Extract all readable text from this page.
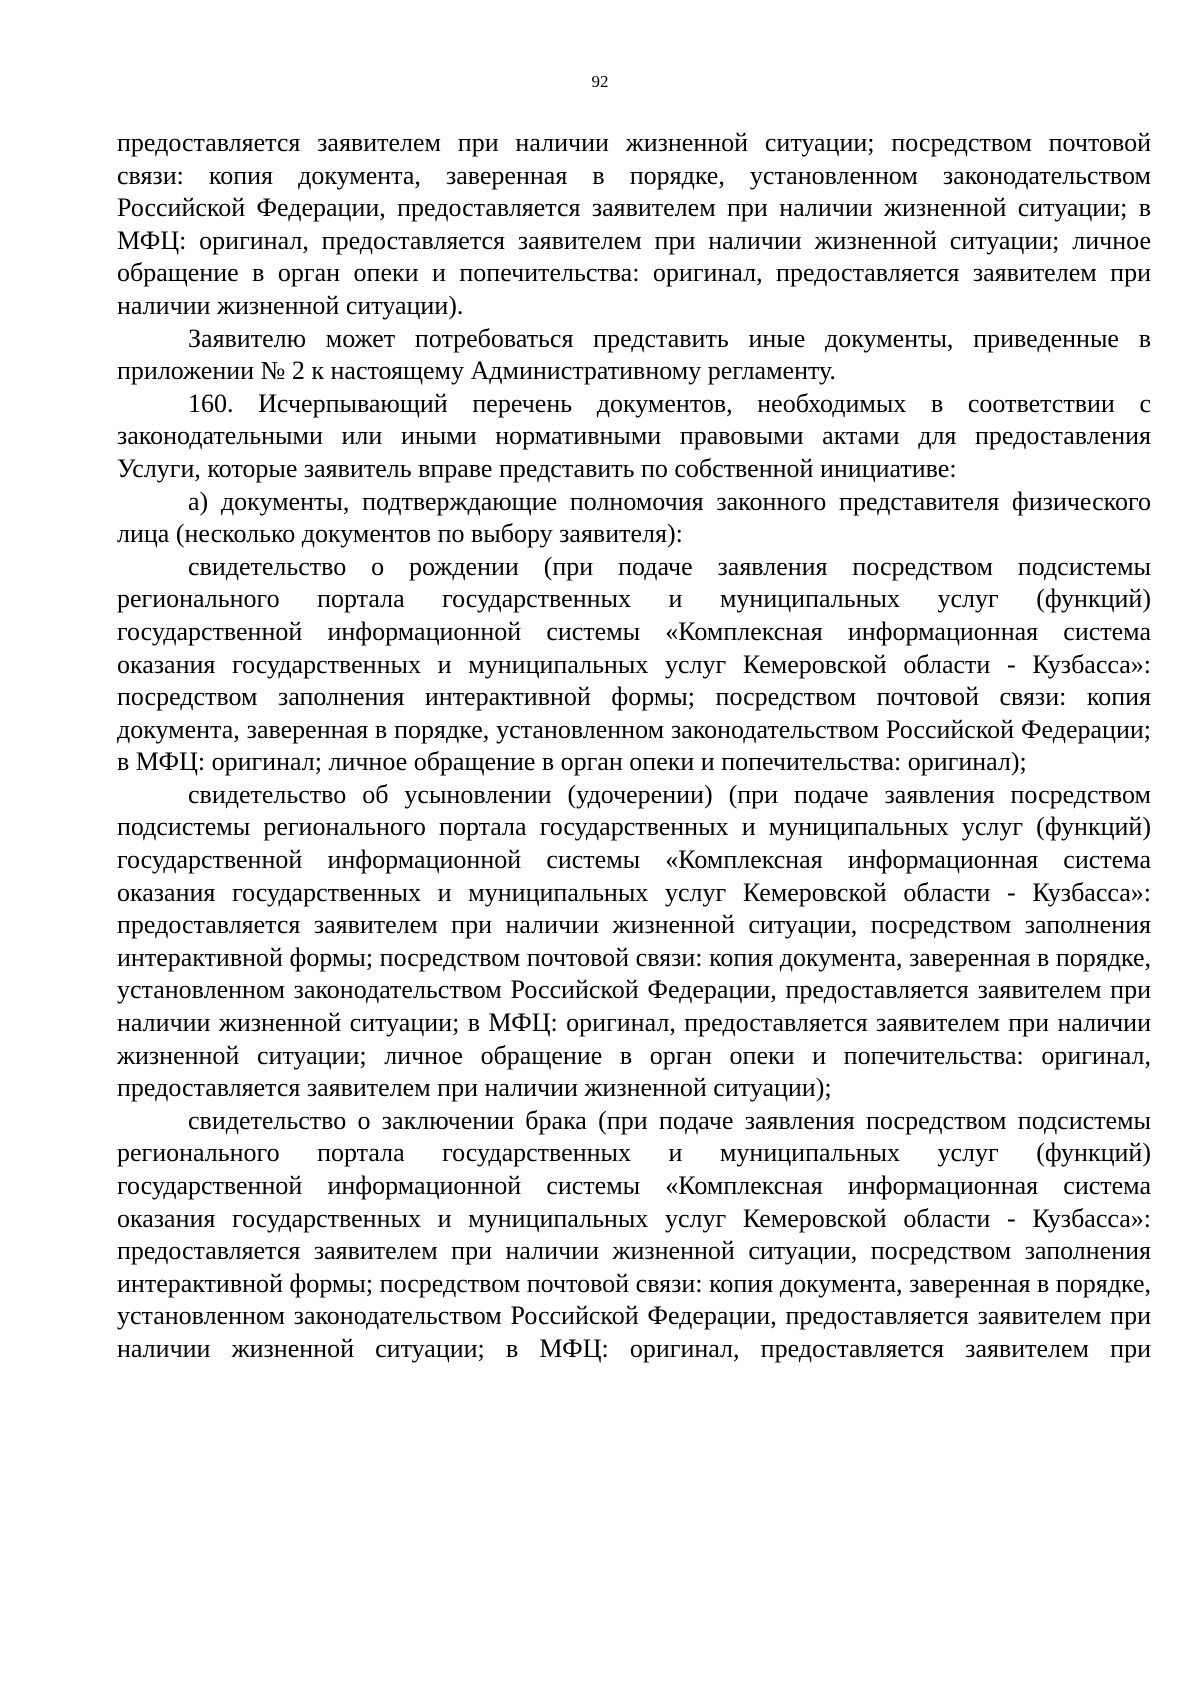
92

предоставляется заявителем при наличии жизненной ситуации; посредством почтовой связи: копия документа, заверенная в порядке, установленном законодательством Российской Федерации, предоставляется заявителем при наличии жизненной ситуации; в МФЦ: оригинал, предоставляется заявителем при наличии жизненной ситуации; личное обращение в орган опеки и попечительства: оригинал, предоставляется заявителем при наличии жизненной ситуации).

Заявителю может потребоваться представить иные документы, приведенные в приложении № 2 к настоящему Административному регламенту.

160. Исчерпывающий перечень документов, необходимых в соответствии с законодательными или иными нормативными правовыми актами для предоставления Услуги, которые заявитель вправе представить по собственной инициативе:

а) документы, подтверждающие полномочия законного представителя физического лица (несколько документов по выбору заявителя):

свидетельство о рождении (при подаче заявления посредством подсистемы регионального портала государственных и муниципальных услуг (функций) государственной информационной системы «Комплексная информационная система оказания государственных и муниципальных услуг Кемеровской области - Кузбасса»: посредством заполнения интерактивной формы; посредством почтовой связи: копия документа, заверенная в порядке, установленном законодательством Российской Федерации; в МФЦ: оригинал; личное обращение в орган опеки и попечительства: оригинал);

свидетельство об усыновлении (удочерении) (при подаче заявления посредством подсистемы регионального портала государственных и муниципальных услуг (функций) государственной информационной системы «Комплексная информационная система оказания государственных и муниципальных услуг Кемеровской области - Кузбасса»: предоставляется заявителем при наличии жизненной ситуации, посредством заполнения интерактивной формы; посредством почтовой связи: копия документа, заверенная в порядке, установленном законодательством Российской Федерации, предоставляется заявителем при наличии жизненной ситуации; в МФЦ: оригинал, предоставляется заявителем при наличии жизненной ситуации; личное обращение в орган опеки и попечительства: оригинал, предоставляется заявителем при наличии жизненной ситуации);

свидетельство о заключении брака (при подаче заявления посредством подсистемы регионального портала государственных и муниципальных услуг (функций) государственной информационной системы «Комплексная информационная система оказания государственных и муниципальных услуг Кемеровской области - Кузбасса»: предоставляется заявителем при наличии жизненной ситуации, посредством заполнения интерактивной формы; посредством почтовой связи: копия документа, заверенная в порядке, установленном законодательством Российской Федерации, предоставляется заявителем при наличии жизненной ситуации; в МФЦ: оригинал, предоставляется заявителем при
